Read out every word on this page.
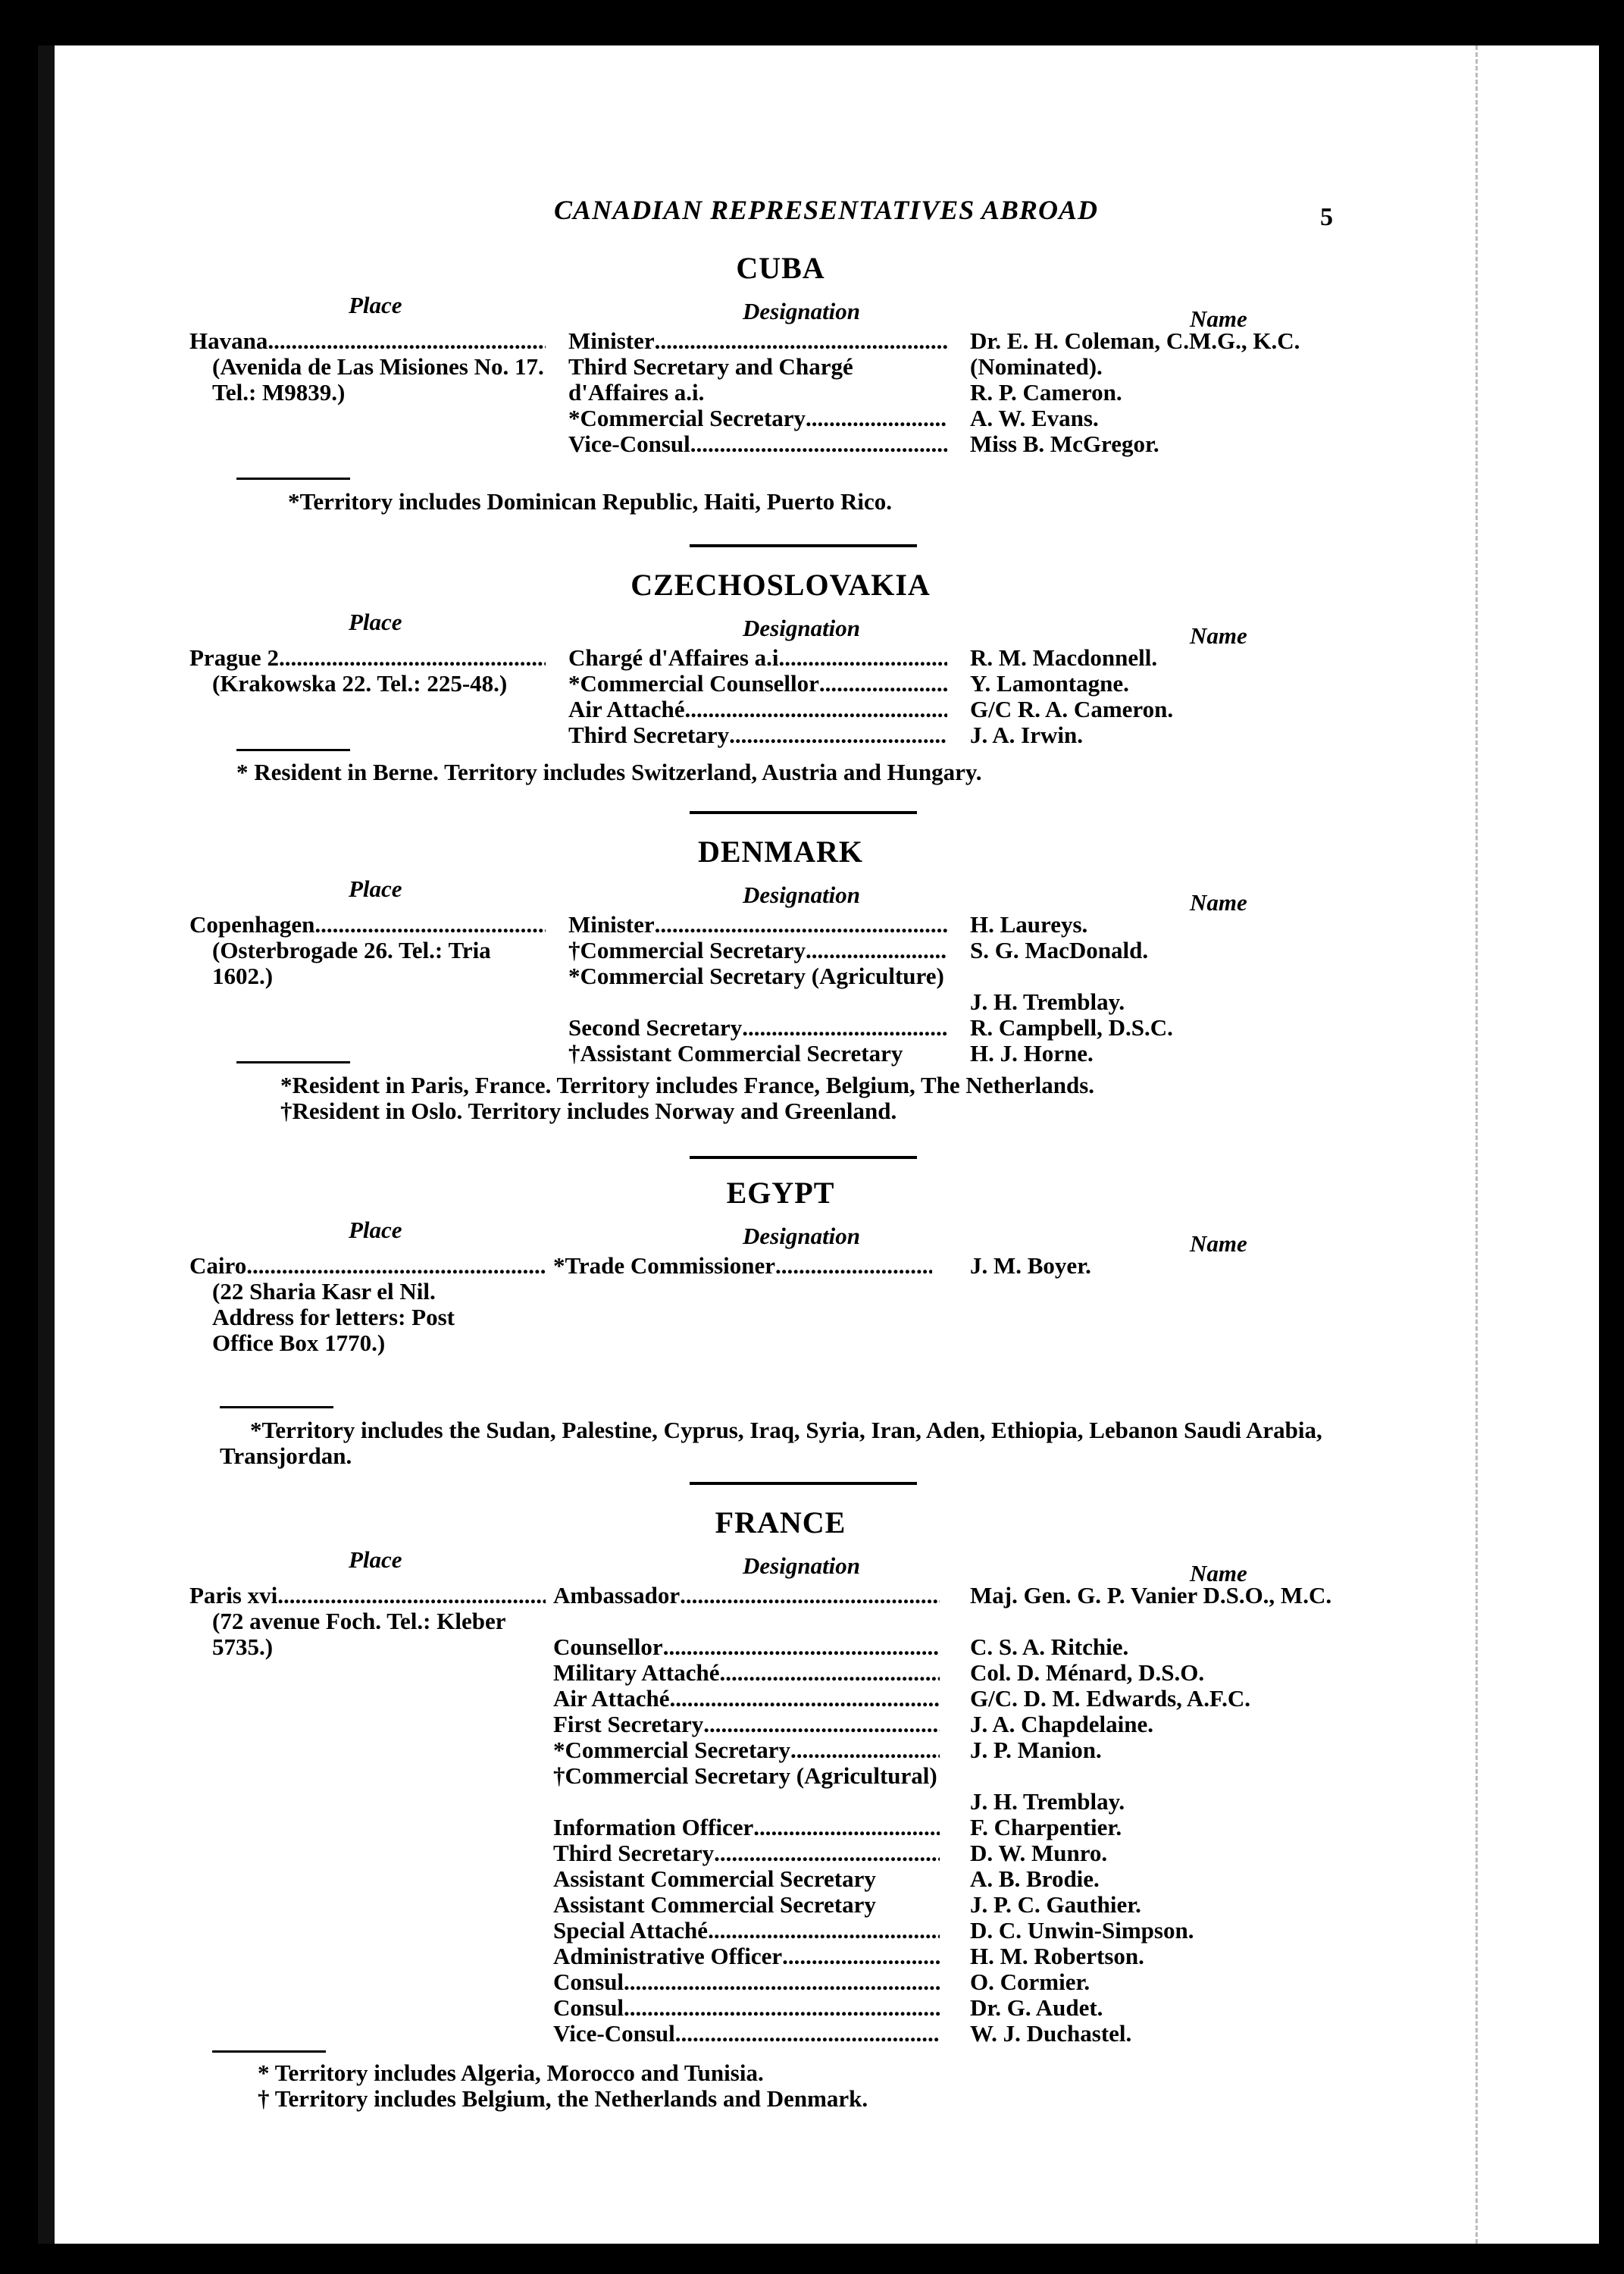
CANADIAN REPRESENTATIVES ABROAD	5
CUBA
Place	Designation	Name
Havana
.....
(Avenida de Las Misiones No. 17. Tel.: M9839.)
Minister
.....
Third Secretary and Chargé d'Affaires a.i.
*Commercial Secretary
.....
Vice-Consul
.....
Dr. E. H. Coleman, C.M.G., K.C. (Nominated).
R. P. Cameron.
A. W. Evans.
Miss B. McGregor.
*Territory includes Dominican Republic, Haiti, Puerto Rico.
CZECHOSLOVAKIA
Place	Designation	Name
Prague 2
.....
(Krakowska 22. Tel.: 225-48.)
Chargé d'Affaires a.i.
.....
*Commercial Counsellor
.....
Air Attaché
.....
Third Secretary
.....
R. M. Macdonnell.
Y. Lamontagne.
G/C R. A. Cameron.
J. A. Irwin.
* Resident in Berne. Territory includes Switzerland, Austria and Hungary.
DENMARK
Place	Designation	Name
Copenhagen
.....
(Osterbrogade 26. Tel.: Tria 1602.)
Minister
.....
†Commercial Secretary
.....
*Commercial Secretary (Agriculture)
Second Secretary
.....
†Assistant Commercial Secretary
H. Laureys.
S. G. MacDonald.
J. H. Tremblay.
R. Campbell, D.S.C.
H. J. Horne.
*Resident in Paris, France. Territory includes France, Belgium, The Netherlands.
†Resident in Oslo. Territory includes Norway and Greenland.
EGYPT
Place	Designation	Name
Cairo
.....
(22 Sharia Kasr el Nil. Address for letters: Post Office Box 1770.)
*Trade Commissioner
.....	J. M. Boyer.
*Territory includes the Sudan, Palestine, Cyprus, Iraq, Syria, Iran, Aden, Ethiopia, Lebanon Saudi Arabia, Transjordan.
FRANCE
Place	Designation	Name
Paris xvi
.....
(72 avenue Foch. Tel.: Kleber 5735.)
Ambassador
.....
Counsellor
.....
Military Attaché
.....
Air Attaché
.....
First Secretary
.....
*Commercial Secretary
.....
†Commercial Secretary (Agricultural)
Information Officer
.....
Third Secretary
.....
Assistant Commercial Secretary
Assistant Commercial Secretary
Special Attaché
.....
Administrative Officer
.....
Consul
.....
Consul
.....
Vice-Consul
.....
Maj. Gen. G. P. Vanier D.S.O., M.C.
C. S. A. Ritchie.
Col. D. Ménard, D.S.O.
G/C. D. M. Edwards, A.F.C.
J. A. Chapdelaine.
J. P. Manion.
J. H. Tremblay.
F. Charpentier.
D. W. Munro.
A. B. Brodie.
J. P. C. Gauthier.
D. C. Unwin-Simpson.
H. M. Robertson.
O. Cormier.
Dr. G. Audet.
W. J. Duchastel.
* Territory includes Algeria, Morocco and Tunisia.
† Territory includes Belgium, the Netherlands and Denmark.
